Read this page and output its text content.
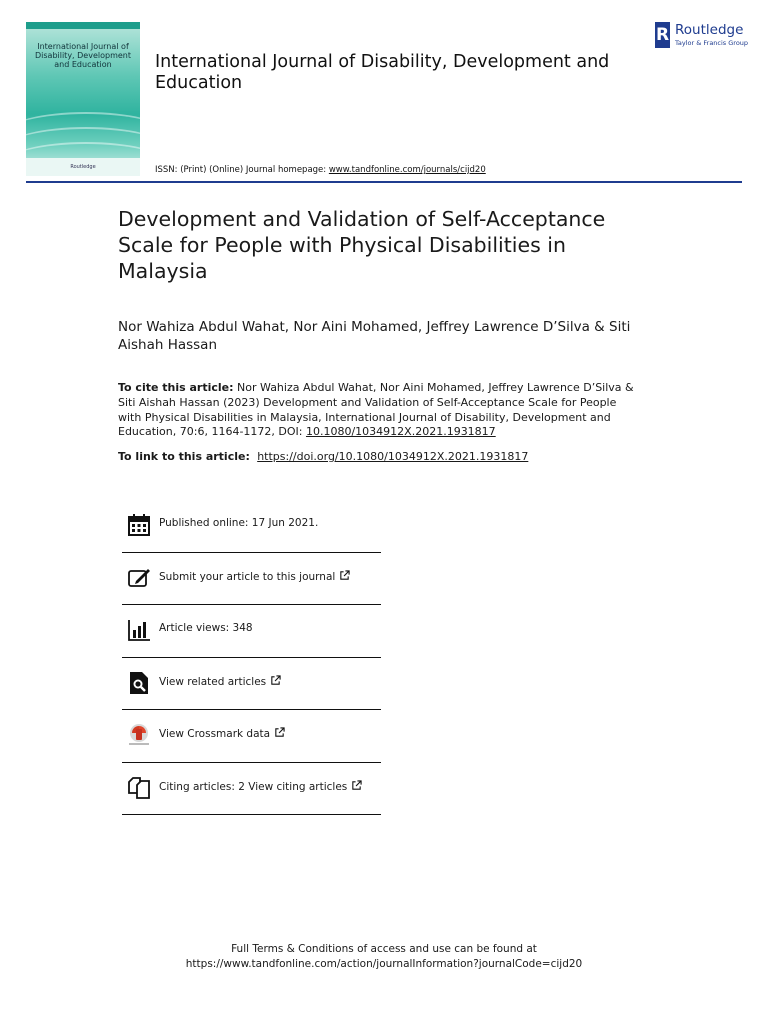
International Journal of Disability, Development and Education
Routledge
International Journal of Disability, Development and Education
R Routledge
Taylor & Francis Group
ISSN: (Print) (Online) Journal homepage: www.tandfonline.com/journals/cijd20
Development and Validation of Self-Acceptance Scale for People with Physical Disabilities in Malaysia
Nor Wahiza Abdul Wahat, Nor Aini Mohamed, Jeffrey Lawrence D’Silva & Siti Aishah Hassan
To cite this article: Nor Wahiza Abdul Wahat, Nor Aini Mohamed, Jeffrey Lawrence D’Silva & Siti Aishah Hassan (2023) Development and Validation of Self-Acceptance Scale for People with Physical Disabilities in Malaysia, International Journal of Disability, Development and Education, 70:6, 1164-1172, DOI: 10.1080/1034912X.2021.1931817
To link to this article:  https://doi.org/10.1080/1034912X.2021.1931817
Published online: 17 Jun 2021.
Submit your article to this journal
Article views: 348
View related articles
View Crossmark data
Citing articles: 2 View citing articles
Full Terms & Conditions of access and use can be found at
https://www.tandfonline.com/action/journalInformation?journalCode=cijd20
